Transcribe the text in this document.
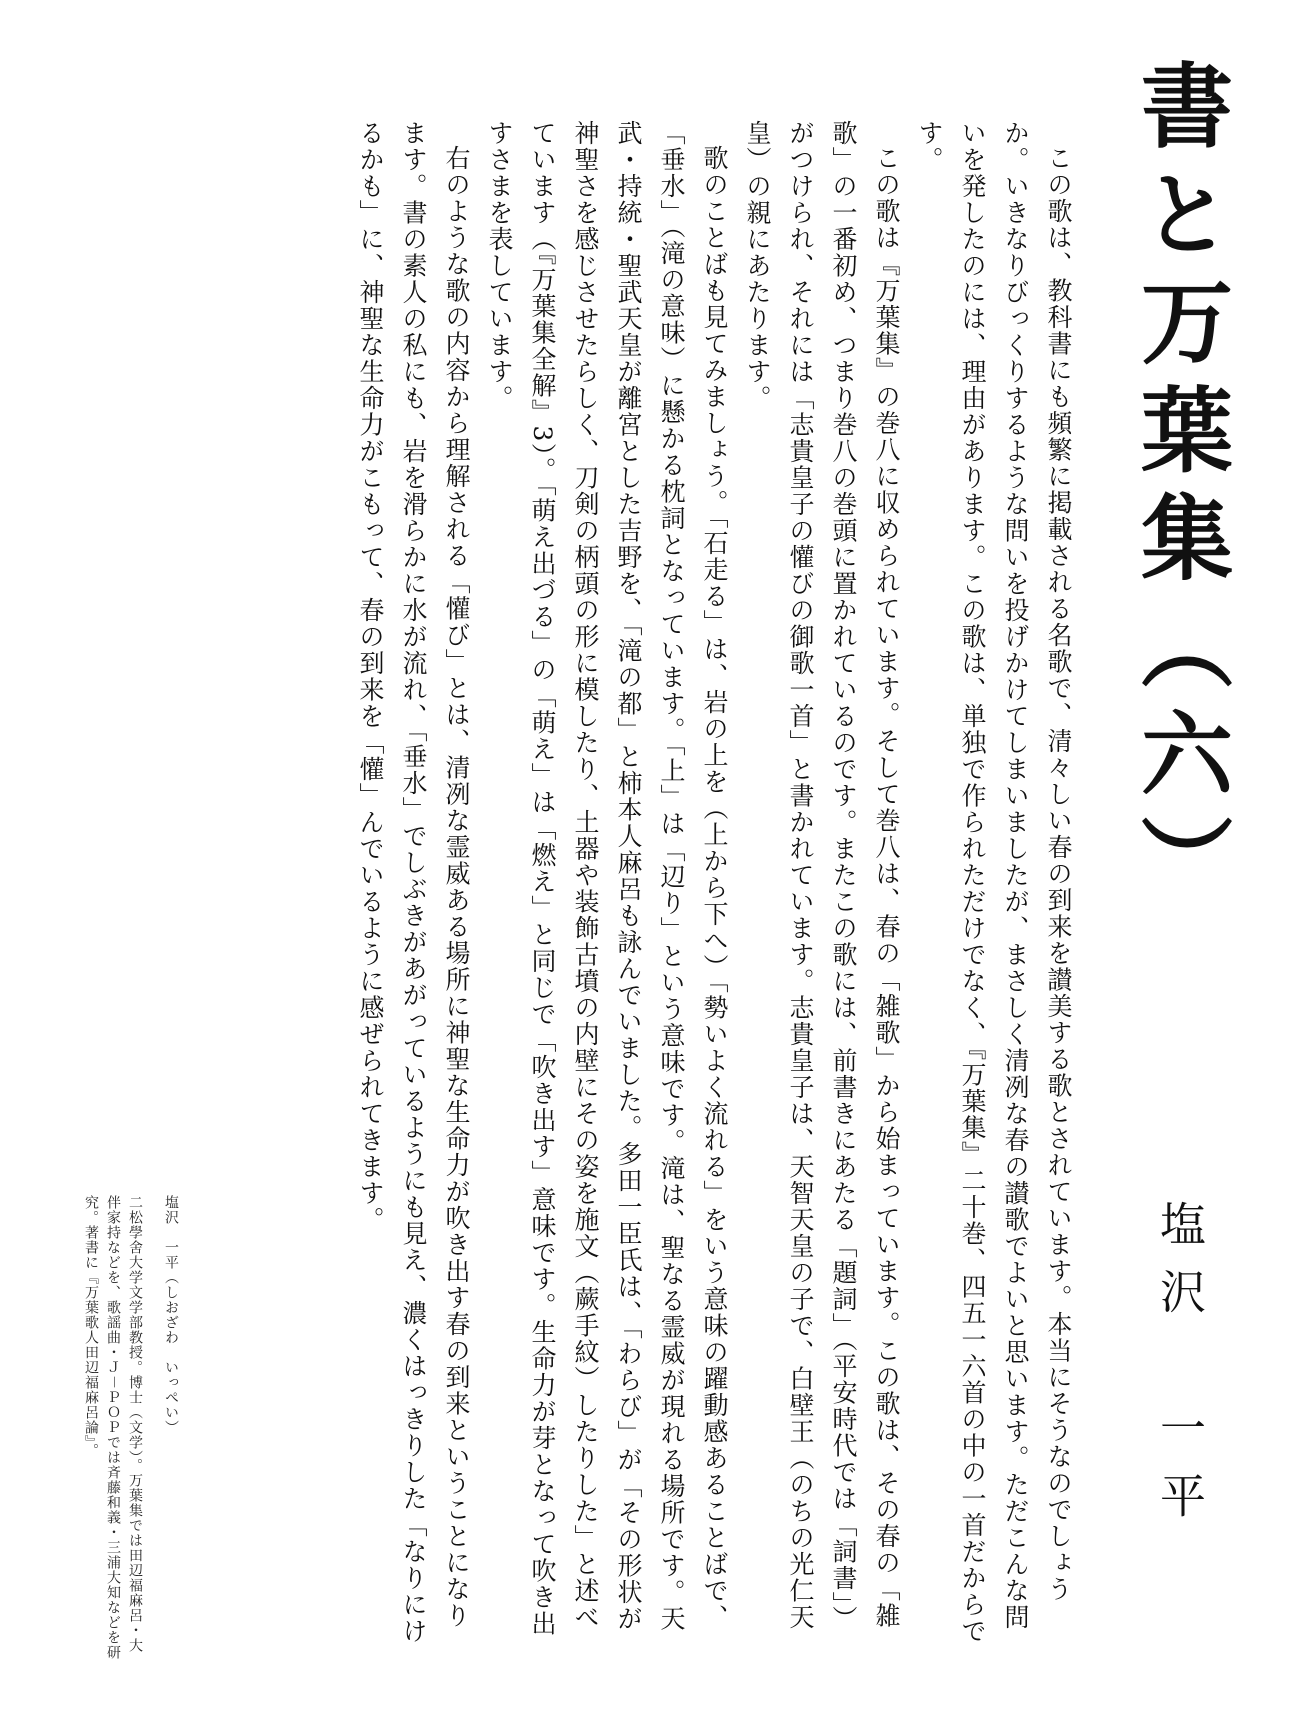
書と万葉集（六）
塩沢　一平

この歌は、教科書にも頻繁に掲載される名歌で、清々しい春の到来を讃美する歌とされています。本当にそうなのでしょうか。いきなりびっくりするような問いを投げかけてしまいましたが、まさしく清冽な春の讃歌でよいと思います。ただこんな問いを発したのには、理由があります。この歌は、単独で作られただけでなく、『万葉集』二十巻、四五一六首の中の一首だからです。

この歌は『万葉集』の巻八に収められています。そして巻八は、春の「雑歌」から始まっています。この歌は、その春の「雑歌」の一番初め、つまり巻八の巻頭に置かれているのです。またこの歌には、前書きにあたる「題詞」（平安時代では「詞書」）がつけられ、それには「志貴皇子の懽びの御歌一首」と書かれています。志貴皇子は、天智天皇の子で、白壁王（のちの光仁天皇）の親にあたります。

歌のことばも見てみましょう。「石走る」は、岩の上を（上から下へ）「勢いよく流れる」をいう意味の躍動感あることばで、「垂水」（滝の意味）に懸かる枕詞となっています。「上」は「辺り」という意味です。滝は、聖なる霊威が現れる場所です。天武・持統・聖武天皇が離宮とした吉野を、「滝の都」と柿本人麻呂も詠んでいました。多田一臣氏は、「わらび」が「その形状が神聖さを感じさせたらしく、刀剣の柄頭の形に模したり、土器や装飾古墳の内壁にその姿を施文（蕨手紋）したりした」と述べています（『万葉集全解』3）。「萌え出づる」の「萌え」は「燃え」と同じで「吹き出す」意味です。生命力が芽となって吹き出すさまを表しています。

右のような歌の内容から理解される「懽び」とは、清冽な霊威ある場所に神聖な生命力が吹き出す春の到来ということになります。書の素人の私にも、岩を滑らかに水が流れ、「垂水」でしぶきがあがっているようにも見え、濃くはっきりした「なりにけるかも」に、神聖な生命力がこもって、春の到来を「懽」んでいるように感ぜられてきます。

塩沢　一平（しおざわ　いっぺい）

二松學舍大学文学部教授。博士（文学）。万葉集では田辺福麻呂・大伴家持などを、歌謡曲・Ｊ－ＰＯＰでは斉藤和義・三浦大知などを研究。著書に『万葉歌人田辺福麻呂論』。
